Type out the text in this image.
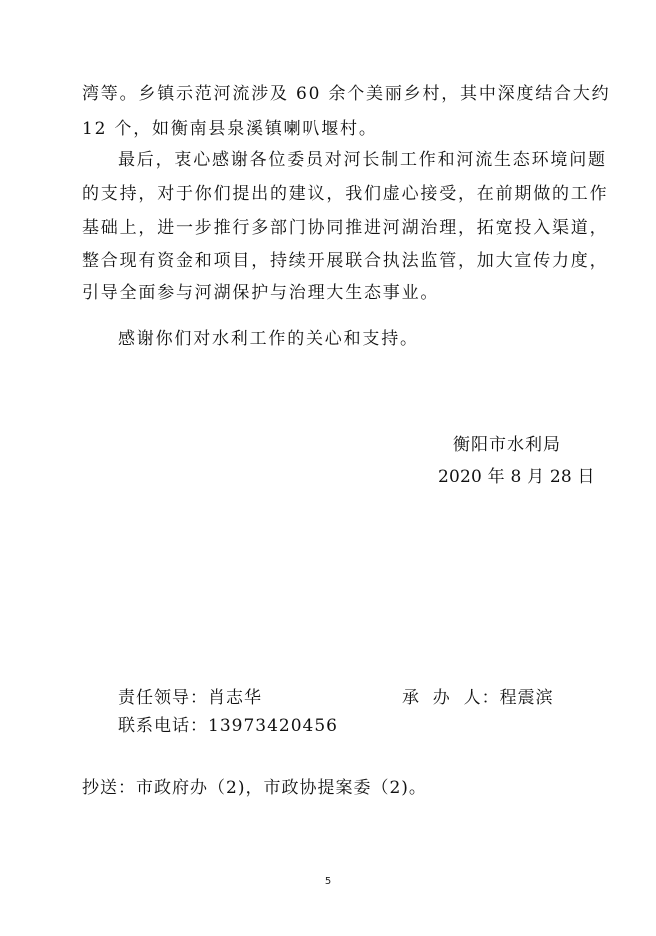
湾等。乡镇示范河流涉及 60 余个美丽乡村，其中深度结合大约
12 个，如衡南县泉溪镇喇叭堰村。
最后，衷心感谢各位委员对河长制工作和河流生态环境问题
的支持，对于你们提出的建议，我们虚心接受，在前期做的工作
基础上，进一步推行多部门协同推进河湖治理，拓宽投入渠道，
整合现有资金和项目，持续开展联合执法监管，加大宣传力度，
引导全面参与河湖保护与治理大生态事业。
感谢你们对水利工作的关心和支持。
衡阳市水利局
2020 年 8 月 28 日
责任领导：肖志华	承  办  人：程震滨
联系电话：13973420456
抄送：市政府办（2)，市政协提案委（2)。
5
